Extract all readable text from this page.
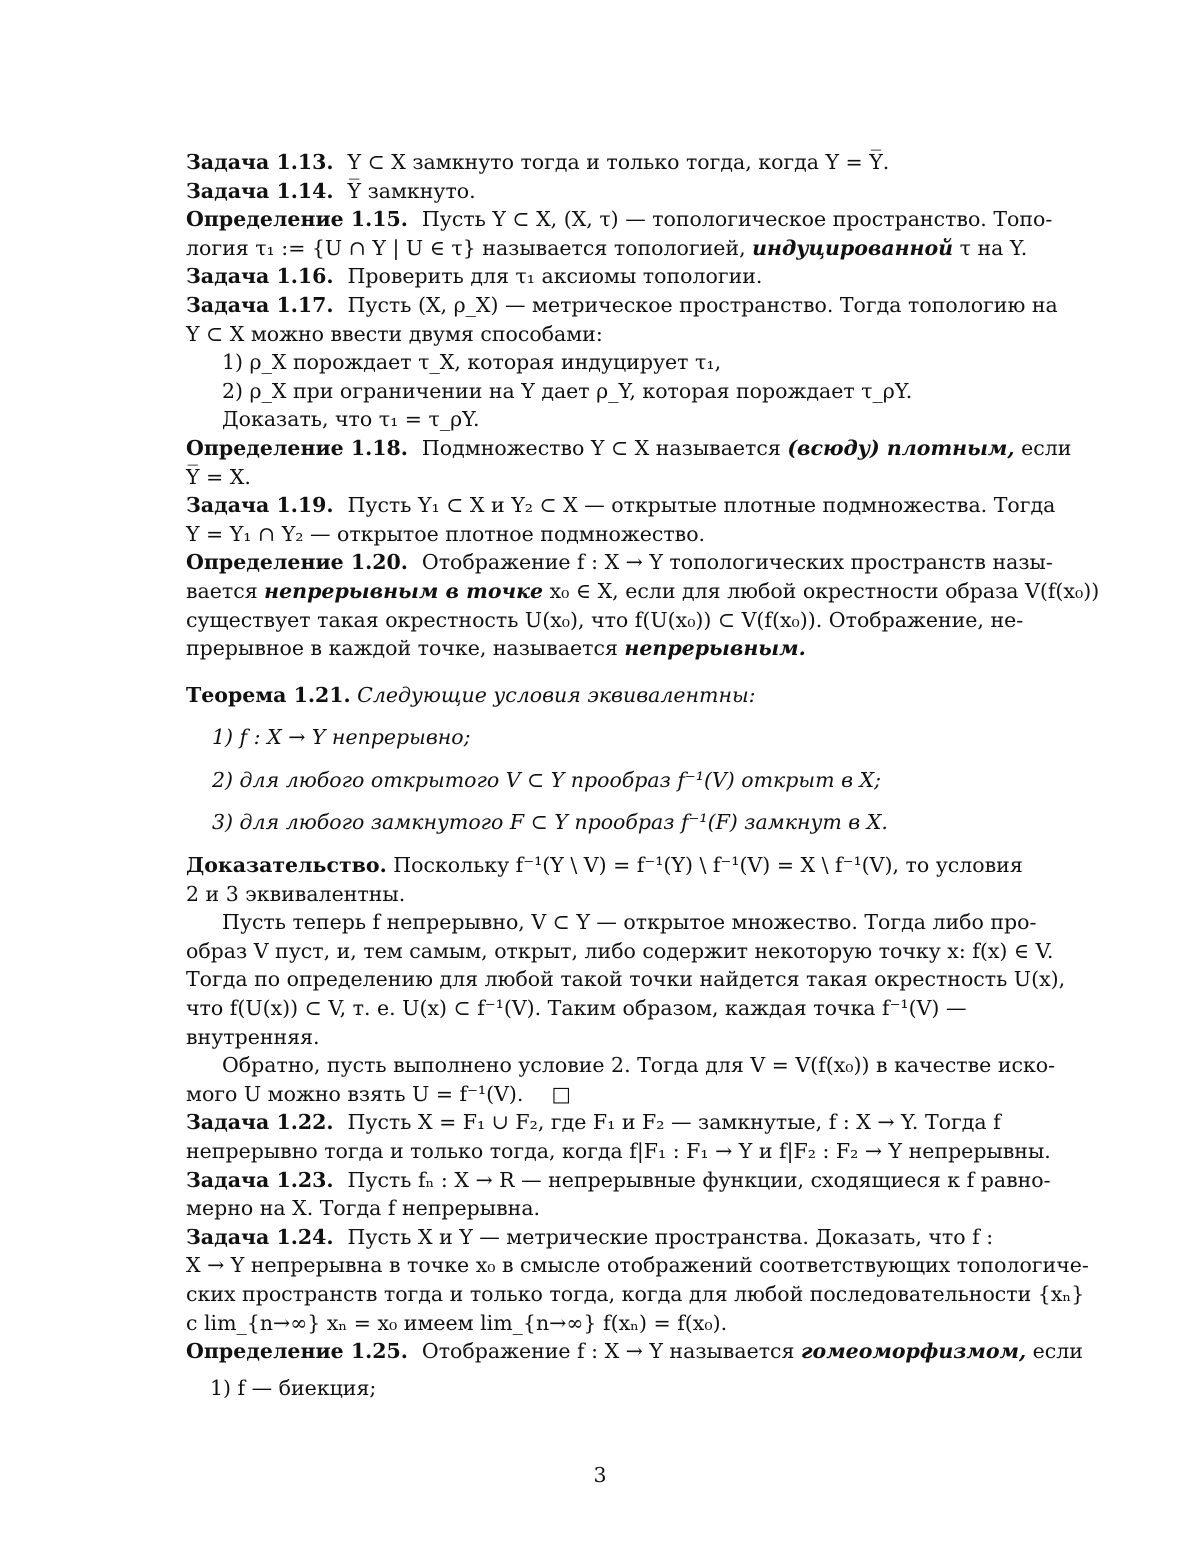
Задача 1.13. Y ⊂ X замкнуто тогда и только тогда, когда Y = Y̅.
Задача 1.14. Y̅ замкнуто.
Определение 1.15. Пусть Y ⊂ X, (X, τ) — топологическое пространство. Топо-
логия τ₁ := {U ∩ Y | U ∈ τ} называется топологией, индуцированной τ на Y.
Задача 1.16. Проверить для τ₁ аксиомы топологии.
Задача 1.17. Пусть (X, ρ_X) — метрическое пространство. Тогда топологию на
Y ⊂ X можно ввести двумя способами:
1) ρ_X порождает τ_X, которая индуцирует τ₁,
2) ρ_X при ограничении на Y дает ρ_Y, которая порождает τ_ρY.
Доказать, что τ₁ = τ_ρY.
Определение 1.18. Подмножество Y ⊂ X называется (всюду) плотным, если
Y̅ = X.
Задача 1.19. Пусть Y₁ ⊂ X и Y₂ ⊂ X — открытые плотные подмножества. Тогда
Y = Y₁ ∩ Y₂ — открытое плотное подмножество.
Определение 1.20. Отображение f : X → Y топологических пространств назы-
вается непрерывным в точке x₀ ∈ X, если для любой окрестности образа V(f(x₀))
существует такая окрестность U(x₀), что f(U(x₀)) ⊂ V(f(x₀)). Отображение, не-
прерывное в каждой точке, называется непрерывным.
Теорема 1.21. Следующие условия эквивалентны:
1) f : X → Y непрерывно;
2) для любого открытого V ⊂ Y прообраз f⁻¹(V) открыт в X;
3) для любого замкнутого F ⊂ Y прообраз f⁻¹(F) замкнут в X.
Доказательство. Поскольку f⁻¹(Y \ V) = f⁻¹(Y) \ f⁻¹(V) = X \ f⁻¹(V), то условия
2 и 3 эквивалентны.
Пусть теперь f непрерывно, V ⊂ Y — открытое множество. Тогда либо про-
образ V пуст, и, тем самым, открыт, либо содержит некоторую точку x: f(x) ∈ V.
Тогда по определению для любой такой точки найдется такая окрестность U(x),
что f(U(x)) ⊂ V, т. е. U(x) ⊂ f⁻¹(V). Таким образом, каждая точка f⁻¹(V) —
внутренняя.
Обратно, пусть выполнено условие 2. Тогда для V = V(f(x₀)) в качестве иско-
мого U можно взять U = f⁻¹(V). □
Задача 1.22. Пусть X = F₁ ∪ F₂, где F₁ и F₂ — замкнутые, f : X → Y. Тогда f
непрерывно тогда и только тогда, когда f|F₁ : F₁ → Y и f|F₂ : F₂ → Y непрерывны.
Задача 1.23. Пусть fₙ : X → R — непрерывные функции, сходящиеся к f равно-
мерно на X. Тогда f непрерывна.
Задача 1.24. Пусть X и Y — метрические пространства. Доказать, что f :
X → Y непрерывна в точке x₀ в смысле отображений соответствующих топологиче-
ских пространств тогда и только тогда, когда для любой последовательности {xₙ}
с lim_{n→∞} xₙ = x₀ имеем lim_{n→∞} f(xₙ) = f(x₀).
Определение 1.25. Отображение f : X → Y называется гомеоморфизмом, если
1) f — биекция;
3
